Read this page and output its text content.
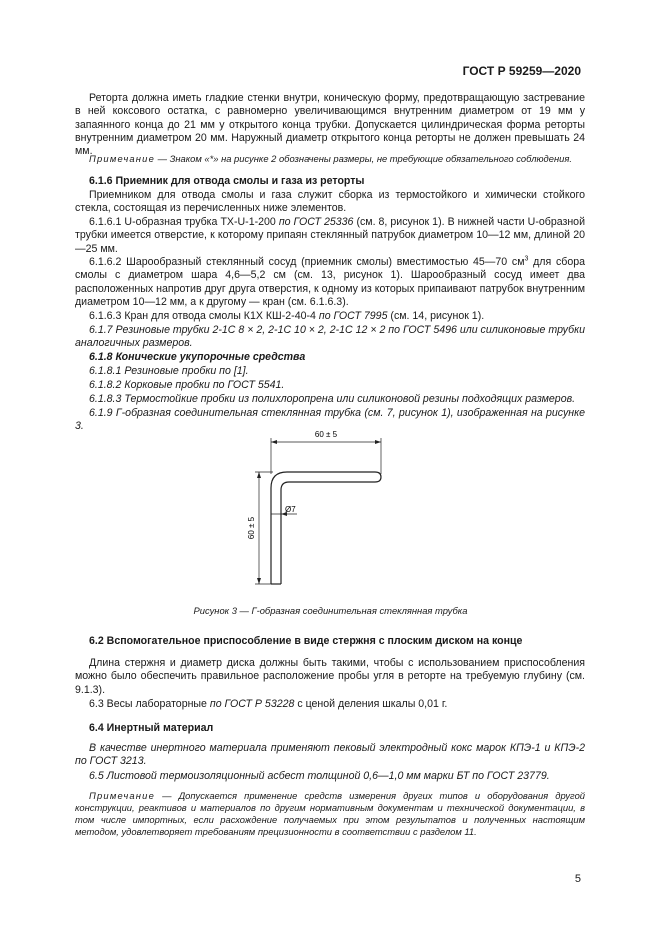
ГОСТ Р 59259—2020

Реторта должна иметь гладкие стенки внутри, коническую форму, предотвращающую застревание в ней коксового остатка, с равномерно увеличивающимся внутренним диаметром от 19 мм у запаянного конца до 21 мм у открытого конца трубки. Допускается цилиндрическая форма реторты внутренним диаметром 20 мм. Наружный диаметр открытого конца реторты не должен превышать 24 мм.

Примечание — Знаком «*» на рисунке 2 обозначены размеры, не требующие обязательного соблюдения.

6.1.6 Приемник для отвода смолы и газа из реторты

Приемником для отвода смолы и газа служит сборка из термостойкого и химически стойкого стекла, состоящая из перечисленных ниже элементов.

6.1.6.1 U-образная трубка ТХ-U-1-200 по ГОСТ 25336 (см. 8, рисунок 1). В нижней части U-образной трубки имеется отверстие, к которому припаян стеклянный патрубок диаметром 10—12 мм, длиной 20—25 мм.

6.1.6.2 Шарообразный стеклянный сосуд (приемник смолы) вместимостью 45—70 $см^3$ для сбора смолы с диаметром шара 4,6—5,2 см (см. 13, рисунок 1). Шарообразный сосуд имеет два расположенных напротив друг друга отверстия, к одному из которых припаивают патрубок внутренним диаметром 10—12 мм, а к другому — кран (см. 6.1.6.3).

6.1.6.3 Кран для отвода смолы К1Х КШ-2-40-4 по ГОСТ 7995 (см. 14, рисунок 1).

6.1.7 Резиновые трубки 2-1С 8 × 2, 2-1С 10 × 2, 2-1С 12 × 2 по ГОСТ 5496 или силиконовые трубки аналогичных размеров.

6.1.8 Конические укупорочные средства

6.1.8.1 Резиновые пробки по [1].

6.1.8.2 Корковые пробки по ГОСТ 5541.

6.1.8.3 Термостойкие пробки из полихлоропрена или силиконовой резины подходящих размеров.

6.1.9 Г-образная соединительная стеклянная трубка (см. 7, рисунок 1), изображенная на рисунке 3.

60 ± 5
60 ± 5
Ø7
Рисунок 3 — Г-образная соединительная стеклянная трубка

6.2 Вспомогательное приспособление в виде стержня с плоским диском на конце

Длина стержня и диаметр диска должны быть такими, чтобы с использованием приспособления можно было обеспечить правильное расположение пробы угля в реторте на требуемую глубину (см. 9.1.3).

6.3 Весы лабораторные по ГОСТ Р 53228 с ценой деления шкалы 0,01 г.

6.4 Инертный материал

В качестве инертного материала применяют пековый электродный кокс марок КПЭ-1 и КПЭ-2 по ГОСТ 3213.

6.5 Листовой термоизоляционный асбест толщиной 0,6—1,0 мм марки БТ по ГОСТ 23779.

Примечание — Допускается применение средств измерения других типов и оборудования другой конструкции, реактивов и материалов по другим нормативным документам и технической документации, в том числе импортных, если расхождение получаемых при этом результатов и полученных настоящим методом, удовлетворяет требованиям прецизионности в соответствии с разделом 11.

5
